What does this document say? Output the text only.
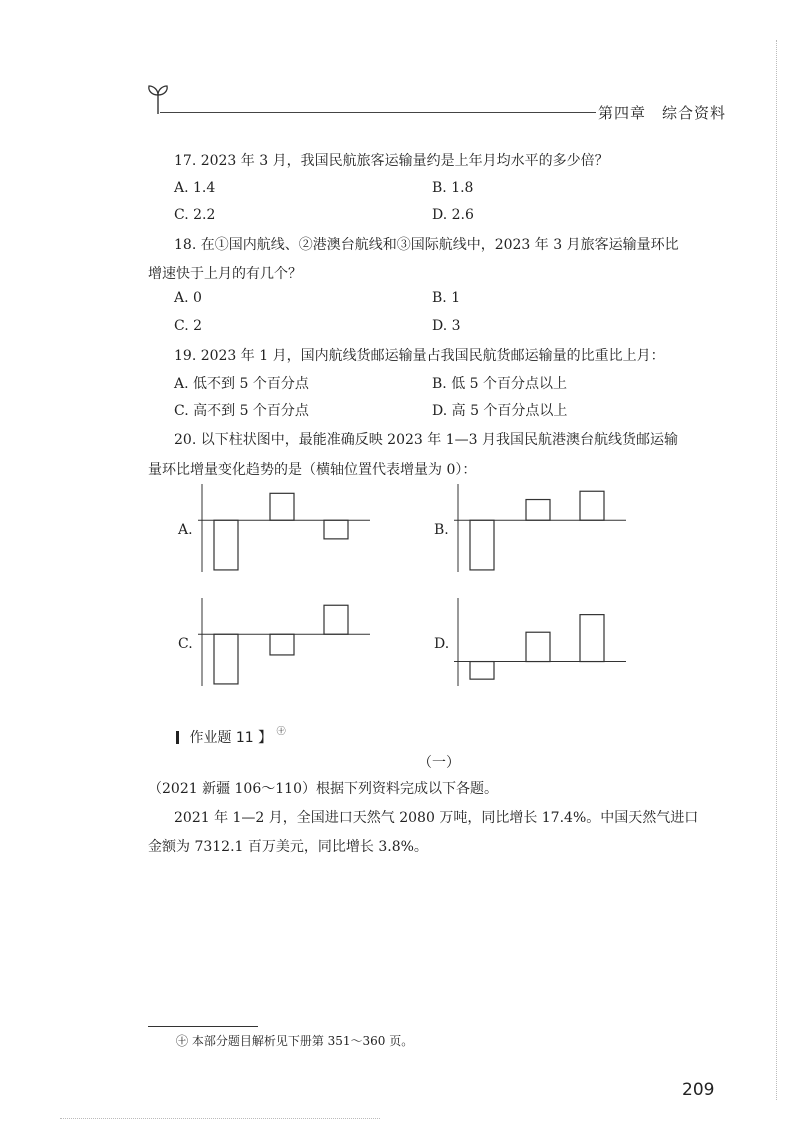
第四章　综合资料
17. 2023 年 3 月，我国民航旅客运输量约是上年月均水平的多少倍？
A. 1.4	B. 1.8
C. 2.2	D. 2.6
18. 在①国内航线、②港澳台航线和③国际航线中，2023 年 3 月旅客运输量环比
增速快于上月的有几个？
A. 0	B. 1
C. 2	D. 3
19. 2023 年 1 月，国内航线货邮运输量占我国民航货邮运输量的比重比上月：
A. 低不到 5 个百分点	B. 低 5 个百分点以上
C. 高不到 5 个百分点	D. 高 5 个百分点以上
20. 以下柱状图中，最能准确反映 2023 年 1—3 月我国民航港澳台航线货邮运输
量环比增量变化趋势的是（横轴位置代表增量为 0）：
A.	B.
C.	D.
作业题 11 】 $^㊉$
（一）
（2021 新疆 106～110）根据下列资料完成以下各题。
2021 年 1—2 月，全国进口天然气 2080 万吨，同比增长 17.4%。中国天然气进口
金额为 7312.1 百万美元，同比增长 3.8%。
㊉ 本部分题目解析见下册第 351～360 页。
209
